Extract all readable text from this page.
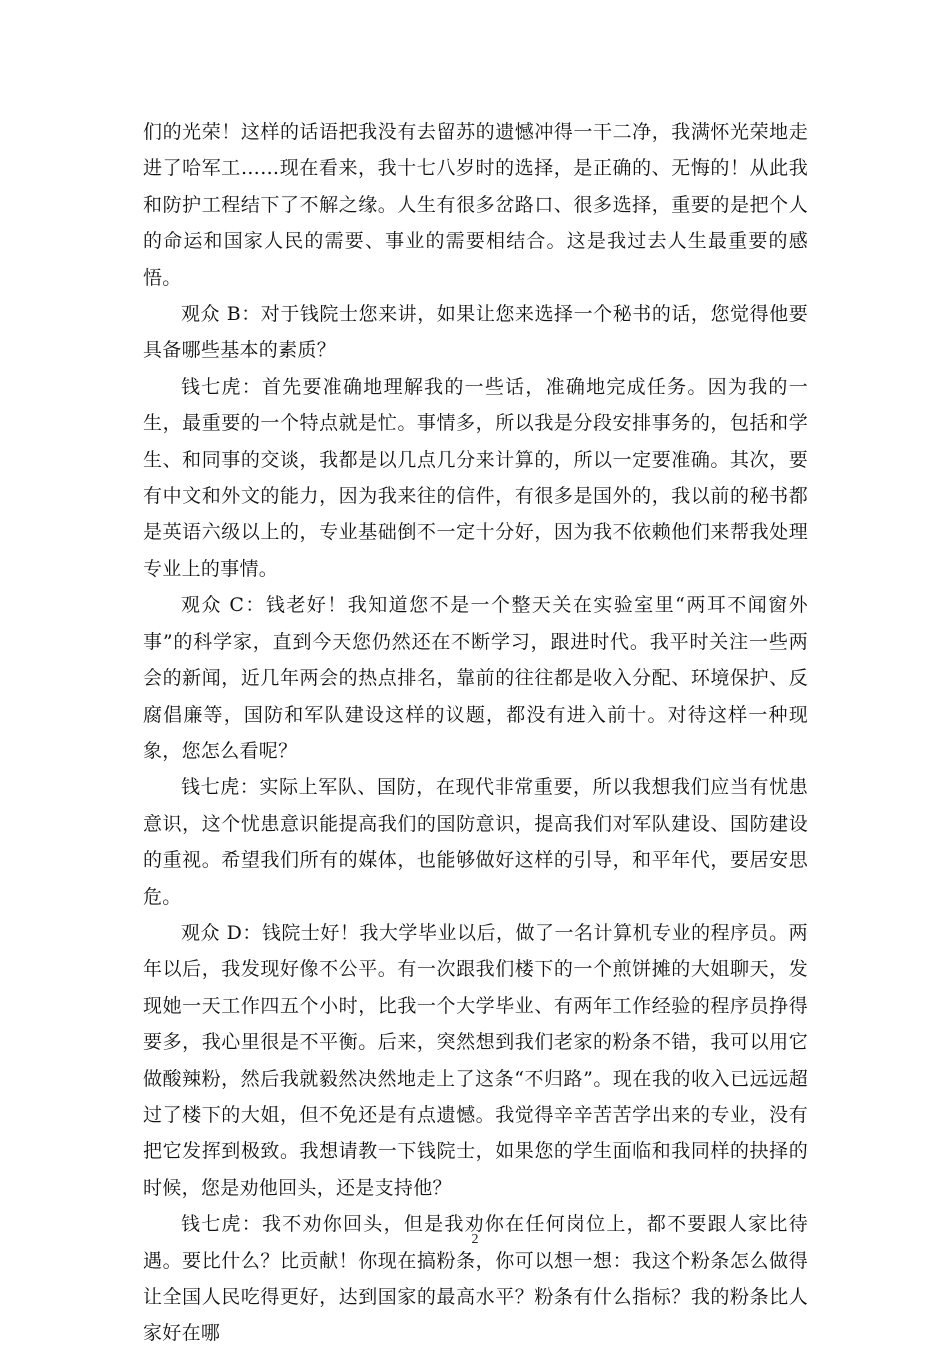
们的光荣！这样的话语把我没有去留苏的遗憾冲得一干二净，我满怀光荣地走进了哈军工……现在看来，我十七八岁时的选择，是正确的、无悔的！从此我和防护工程结下了不解之缘。人生有很多岔路口、很多选择，重要的是把个人的命运和国家人民的需要、事业的需要相结合。这是我过去人生最重要的感悟。

观众 B：对于钱院士您来讲，如果让您来选择一个秘书的话，您觉得他要具备哪些基本的素质？

钱七虎：首先要准确地理解我的一些话，准确地完成任务。因为我的一生，最重要的一个特点就是忙。事情多，所以我是分段安排事务的，包括和学生、和同事的交谈，我都是以几点几分来计算的，所以一定要准确。其次，要有中文和外文的能力，因为我来往的信件，有很多是国外的，我以前的秘书都是英语六级以上的，专业基础倒不一定十分好，因为我不依赖他们来帮我处理专业上的事情。

观众 C：钱老好！我知道您不是一个整天关在实验室里“两耳不闻窗外事”的科学家，直到今天您仍然还在不断学习，跟进时代。我平时关注一些两会的新闻，近几年两会的热点排名，靠前的往往都是收入分配、环境保护、反腐倡廉等，国防和军队建设这样的议题，都没有进入前十。对待这样一种现象，您怎么看呢？

钱七虎：实际上军队、国防，在现代非常重要，所以我想我们应当有忧患意识，这个忧患意识能提高我们的国防意识，提高我们对军队建设、国防建设的重视。希望我们所有的媒体，也能够做好这样的引导，和平年代，要居安思危。

观众 D：钱院士好！我大学毕业以后，做了一名计算机专业的程序员。两年以后，我发现好像不公平。有一次跟我们楼下的一个煎饼摊的大姐聊天，发现她一天工作四五个小时，比我一个大学毕业、有两年工作经验的程序员挣得要多，我心里很是不平衡。后来，突然想到我们老家的粉条不错，我可以用它做酸辣粉，然后我就毅然决然地走上了这条“不归路”。现在我的收入已远远超过了楼下的大姐，但不免还是有点遗憾。我觉得辛辛苦苦学出来的专业，没有把它发挥到极致。我想请教一下钱院士，如果您的学生面临和我同样的抉择的时候，您是劝他回头，还是支持他？

钱七虎：我不劝你回头，但是我劝你在任何岗位上，都不要跟人家比待遇。要比什么？比贡献！你现在搞粉条，你可以想一想：我这个粉条怎么做得让全国人民吃得更好，达到国家的最高水平？粉条有什么指标？我的粉条比人家好在哪

2
